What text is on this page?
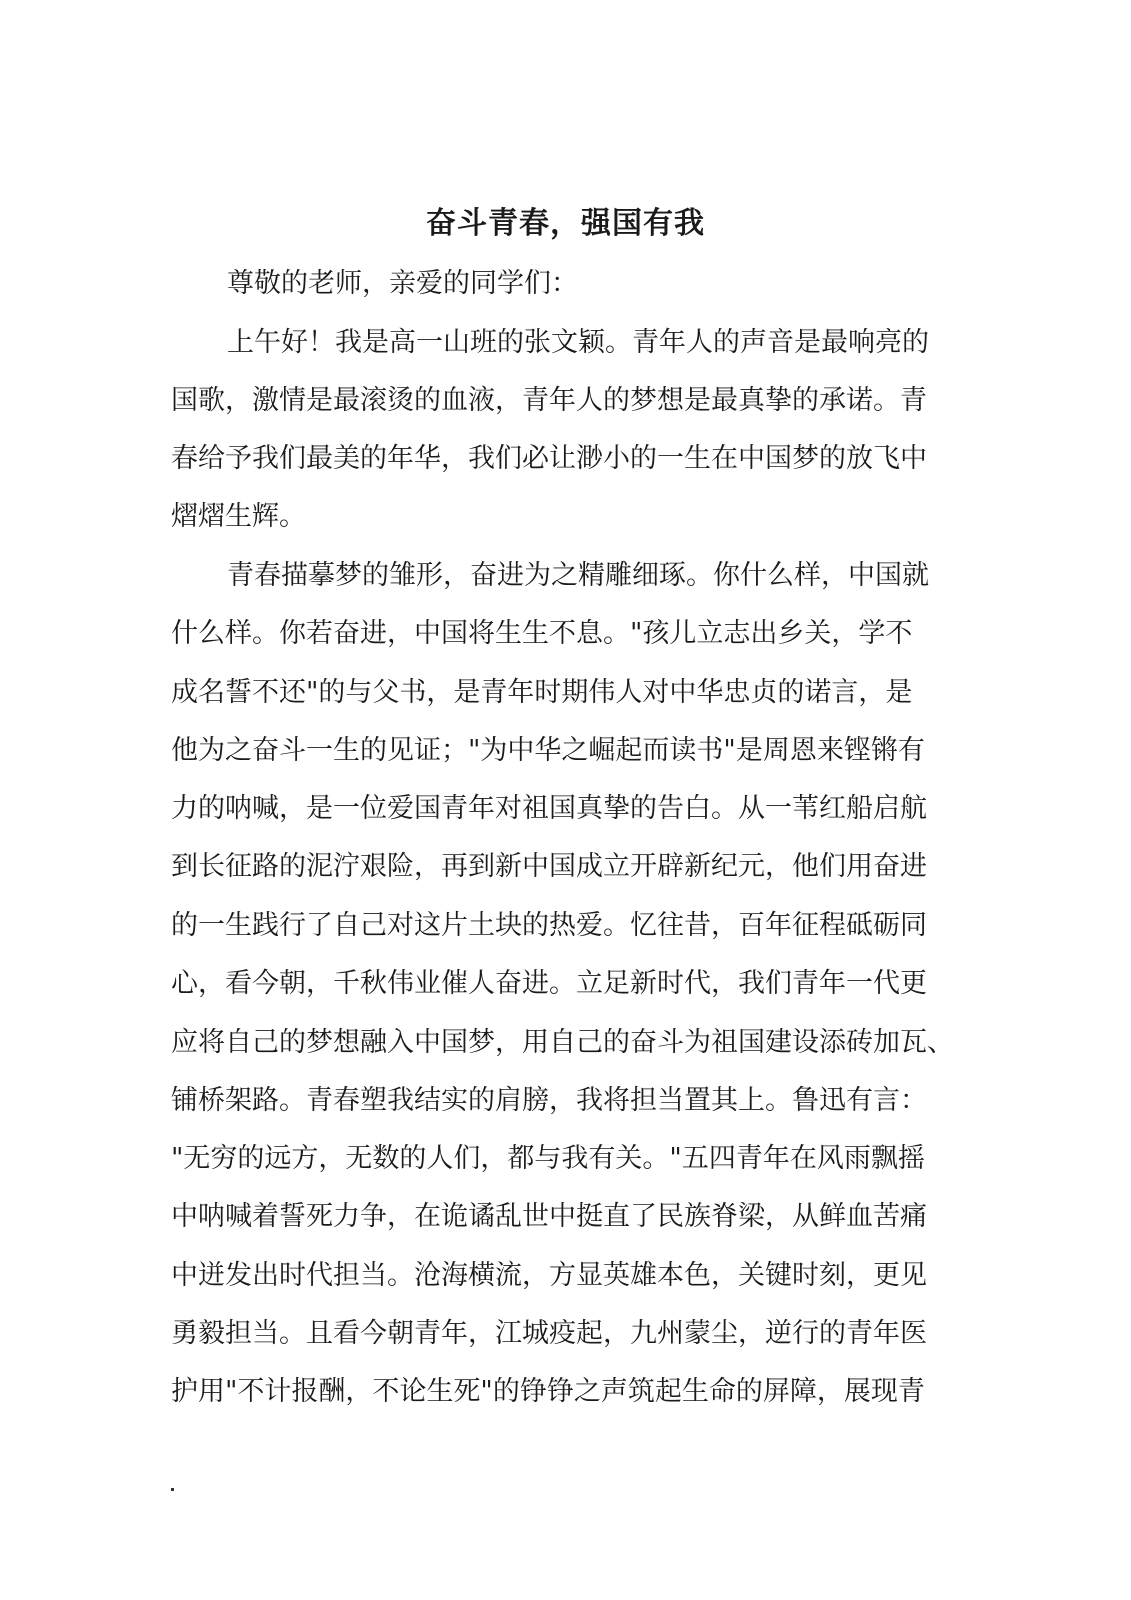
奋斗青春，强国有我

尊敬的老师，亲爱的同学们：

上午好！我是高一山班的张文颖。青年人的声音是最响亮的

国歌，激情是最滚烫的血液，青年人的梦想是最真挚的承诺。青

春给予我们最美的年华，我们必让渺小的一生在中国梦的放飞中

熠熠生辉。

青春描摹梦的雏形，奋进为之精雕细琢。你什么样，中国就

什么样。你若奋进，中国将生生不息。"孩儿立志出乡关，学不

成名誓不还"的与父书，是青年时期伟人对中华忠贞的诺言，是

他为之奋斗一生的见证；"为中华之崛起而读书"是周恩来铿锵有

力的呐喊，是一位爱国青年对祖国真挚的告白。从一苇红船启航

到长征路的泥泞艰险，再到新中国成立开辟新纪元，他们用奋进

的一生践行了自己对这片土块的热爱。忆往昔，百年征程砥砺同

心，看今朝，千秋伟业催人奋进。立足新时代，我们青年一代更

应将自己的梦想融入中国梦，用自己的奋斗为祖国建设添砖加瓦、

铺桥架路。青春塑我结实的肩膀，我将担当置其上。鲁迅有言：

"无穷的远方，无数的人们，都与我有关。"五四青年在风雨飘摇

中呐喊着誓死力争，在诡谲乱世中挺直了民族脊梁，从鲜血苦痛

中迸发出时代担当。沧海横流，方显英雄本色，关键时刻，更见

勇毅担当。且看今朝青年，江城疫起，九州蒙尘，逆行的青年医

护用"不计报酬，不论生死"的铮铮之声筑起生命的屏障，展现青
